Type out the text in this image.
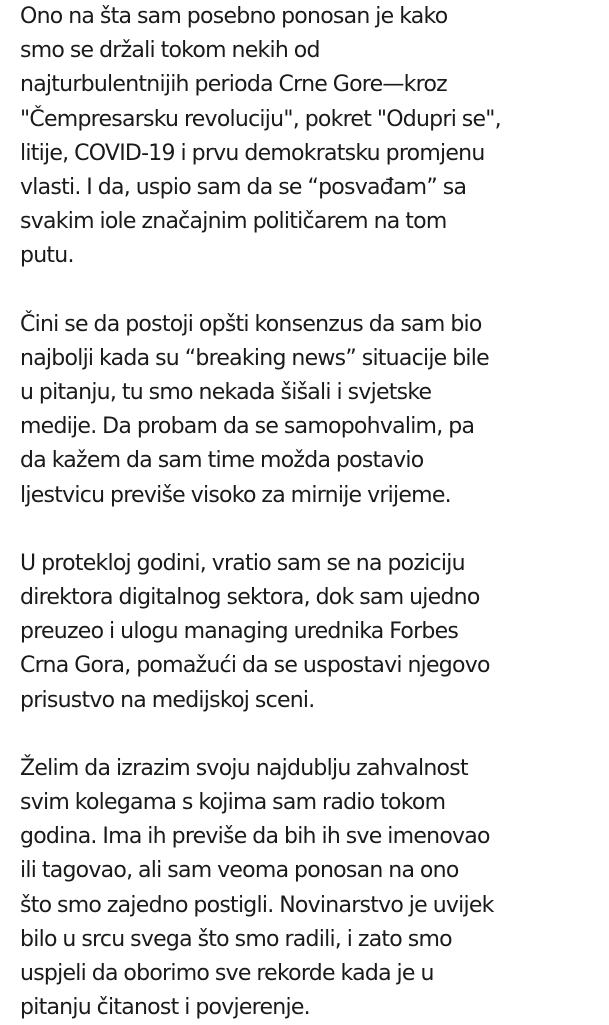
Ono na šta sam posebno ponosan je kako
smo se držali tokom nekih od
najturbulentnijih perioda Crne Gore—kroz
"Čempresarsku revoluciju", pokret "Odupri se",
litije, COVID-19 i prvu demokratsku promjenu
vlasti. I da, uspio sam da se “posvađam” sa
svakim iole značajnim političarem na tom
putu.

Čini se da postoji opšti konsenzus da sam bio
najbolji kada su “breaking news” situacije bile
u pitanju, tu smo nekada šišali i svjetske
medije. Da probam da se samopohvalim, pa
da kažem da sam time možda postavio
ljestvicu previše visoko za mirnije vrijeme.

U protekloj godini, vratio sam se na poziciju
direktora digitalnog sektora, dok sam ujedno
preuzeo i ulogu managing urednika Forbes
Crna Gora, pomažući da se uspostavi njegovo
prisustvo na medijskoj sceni.

Želim da izrazim svoju najdublju zahvalnost
svim kolegama s kojima sam radio tokom
godina. Ima ih previše da bih ih sve imenovao
ili tagovao, ali sam veoma ponosan na ono
što smo zajedno postigli. Novinarstvo je uvijek
bilo u srcu svega što smo radili, i zato smo
uspjeli da oborimo sve rekorde kada je u
pitanju čitanost i povjerenje.
